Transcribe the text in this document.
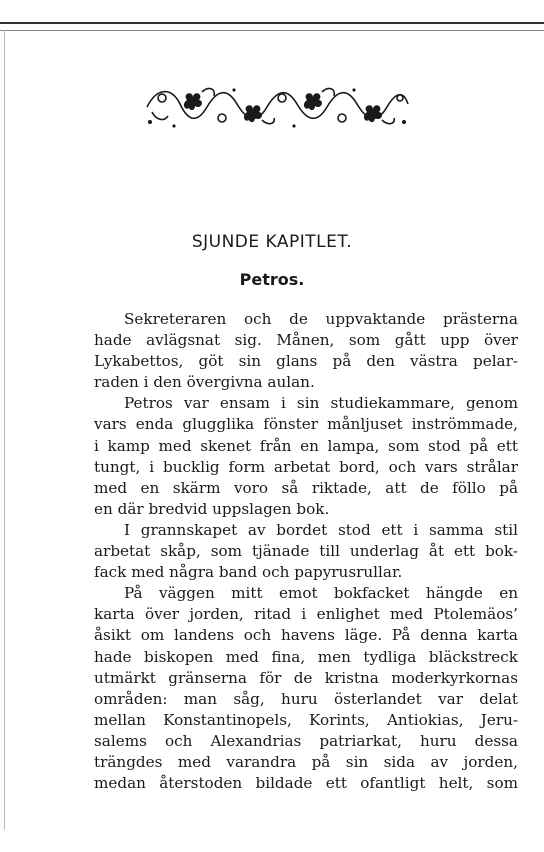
SJUNDE KAPITLET.
Petros.
Sekreteraren och de uppvaktande prästerna
hade avlägsnat sig. Månen, som gått upp över
Lykabettos, göt sin glans på den västra pelar-
raden i den övergivna aulan.
Petros var ensam i sin studiekammare, genom
vars enda glugglika fönster månljuset inströmmade,
i kamp med skenet från en lampa, som stod på ett
tungt, i bucklig form arbetat bord, och vars strålar
med en skärm voro så riktade, att de föllo på
en där bredvid uppslagen bok.
I grannskapet av bordet stod ett i samma stil
arbetat skåp, som tjänade till underlag åt ett bok-
fack med några band och papyrusrullar.
På väggen mitt emot bokfacket hängde en
karta över jorden, ritad i enlighet med Ptolemäos’
åsikt om landens och havens läge. På denna karta
hade biskopen med fina, men tydliga bläckstreck
utmärkt gränserna för de kristna moderkyrkornas
områden: man såg, huru österlandet var delat
mellan Konstantinopels, Korints, Antiokias, Jeru-
salems och Alexandrias patriarkat, huru dessa
trängdes med varandra på sin sida av jorden,
medan återstoden bildade ett ofantligt helt, som
